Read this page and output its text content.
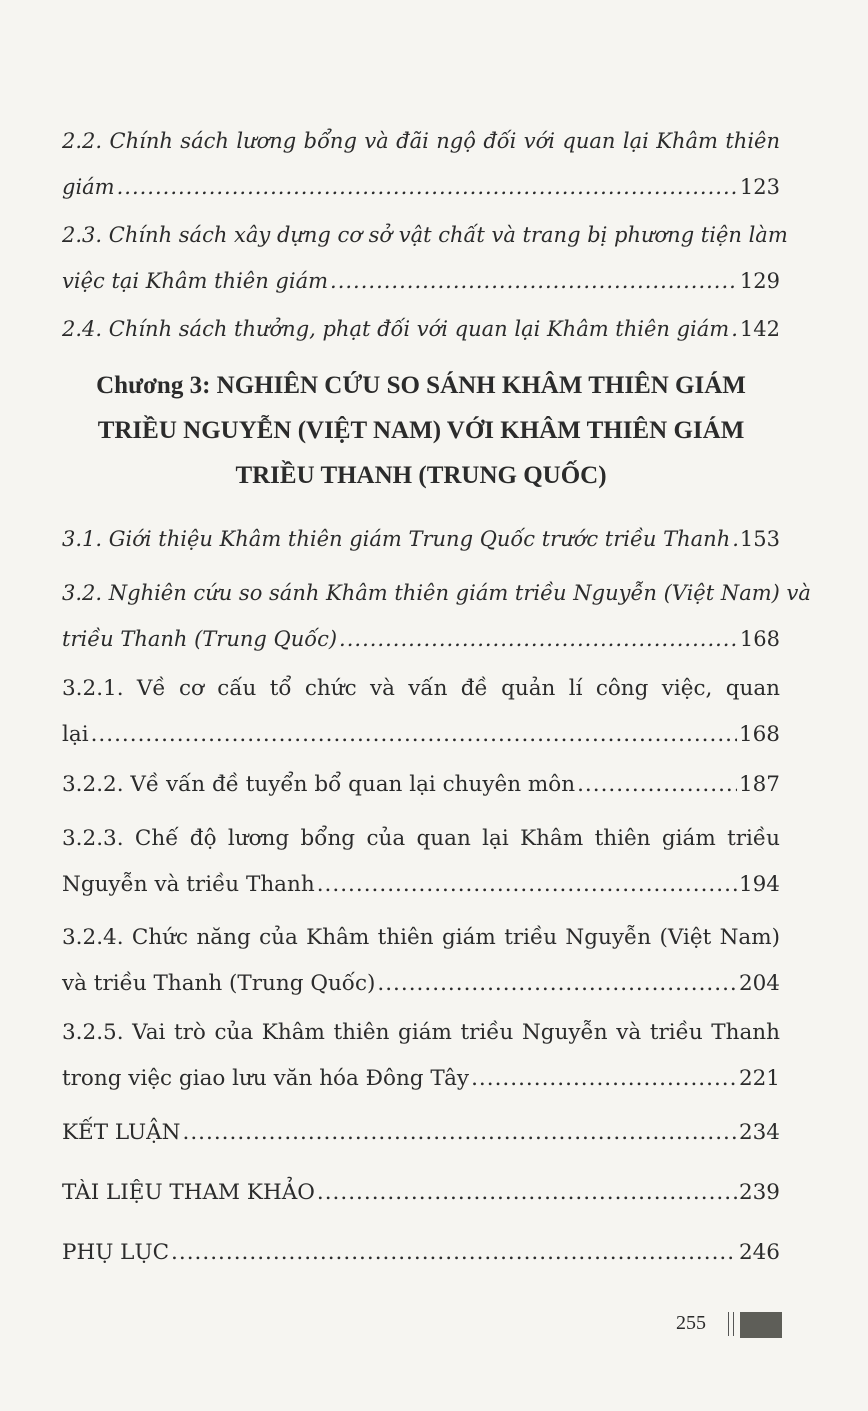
2.2. Chính sách lương bổng và đãi ngộ đối với quan lại Khâm thiên
giám .....	123
2.3. Chính sách xây dựng cơ sở vật chất và trang bị phương tiện làm
việc tại Khâm thiên giám .....	129
2.4. Chính sách thưởng, phạt đối với quan lại Khâm thiên giám ..... 142
3.1. Giới thiệu Khâm thiên giám Trung Quốc trước triều Thanh ..... 153
3.2. Nghiên cứu so sánh Khâm thiên giám triều Nguyễn (Việt Nam) và
triều Thanh (Trung Quốc) .....	168
3.2.1. Về cơ cấu tổ chức và vấn đề quản lí công việc, quan
lại .....	168
3.2.2. Về vấn đề tuyển bổ quan lại chuyên môn .....	187
3.2.3. Chế độ lương bổng của quan lại Khâm thiên giám triều
Nguyễn và triều Thanh .....	194
3.2.4. Chức năng của Khâm thiên giám triều Nguyễn (Việt Nam)
và triều Thanh (Trung Quốc) .....	204
3.2.5. Vai trò của Khâm thiên giám triều Nguyễn và triều Thanh
trong việc giao lưu văn hóa Đông Tây .....	221
KẾT LUẬN .....	234
TÀI LIỆU THAM KHẢO .....	239
PHỤ LỤC .....	246
Chương 3: NGHIÊN CỨU SO SÁNH KHÂM THIÊN GIÁM
TRIỀU NGUYỄN (VIỆT NAM) VỚI KHÂM THIÊN GIÁM
TRIỀU THANH (TRUNG QUỐC)
255
